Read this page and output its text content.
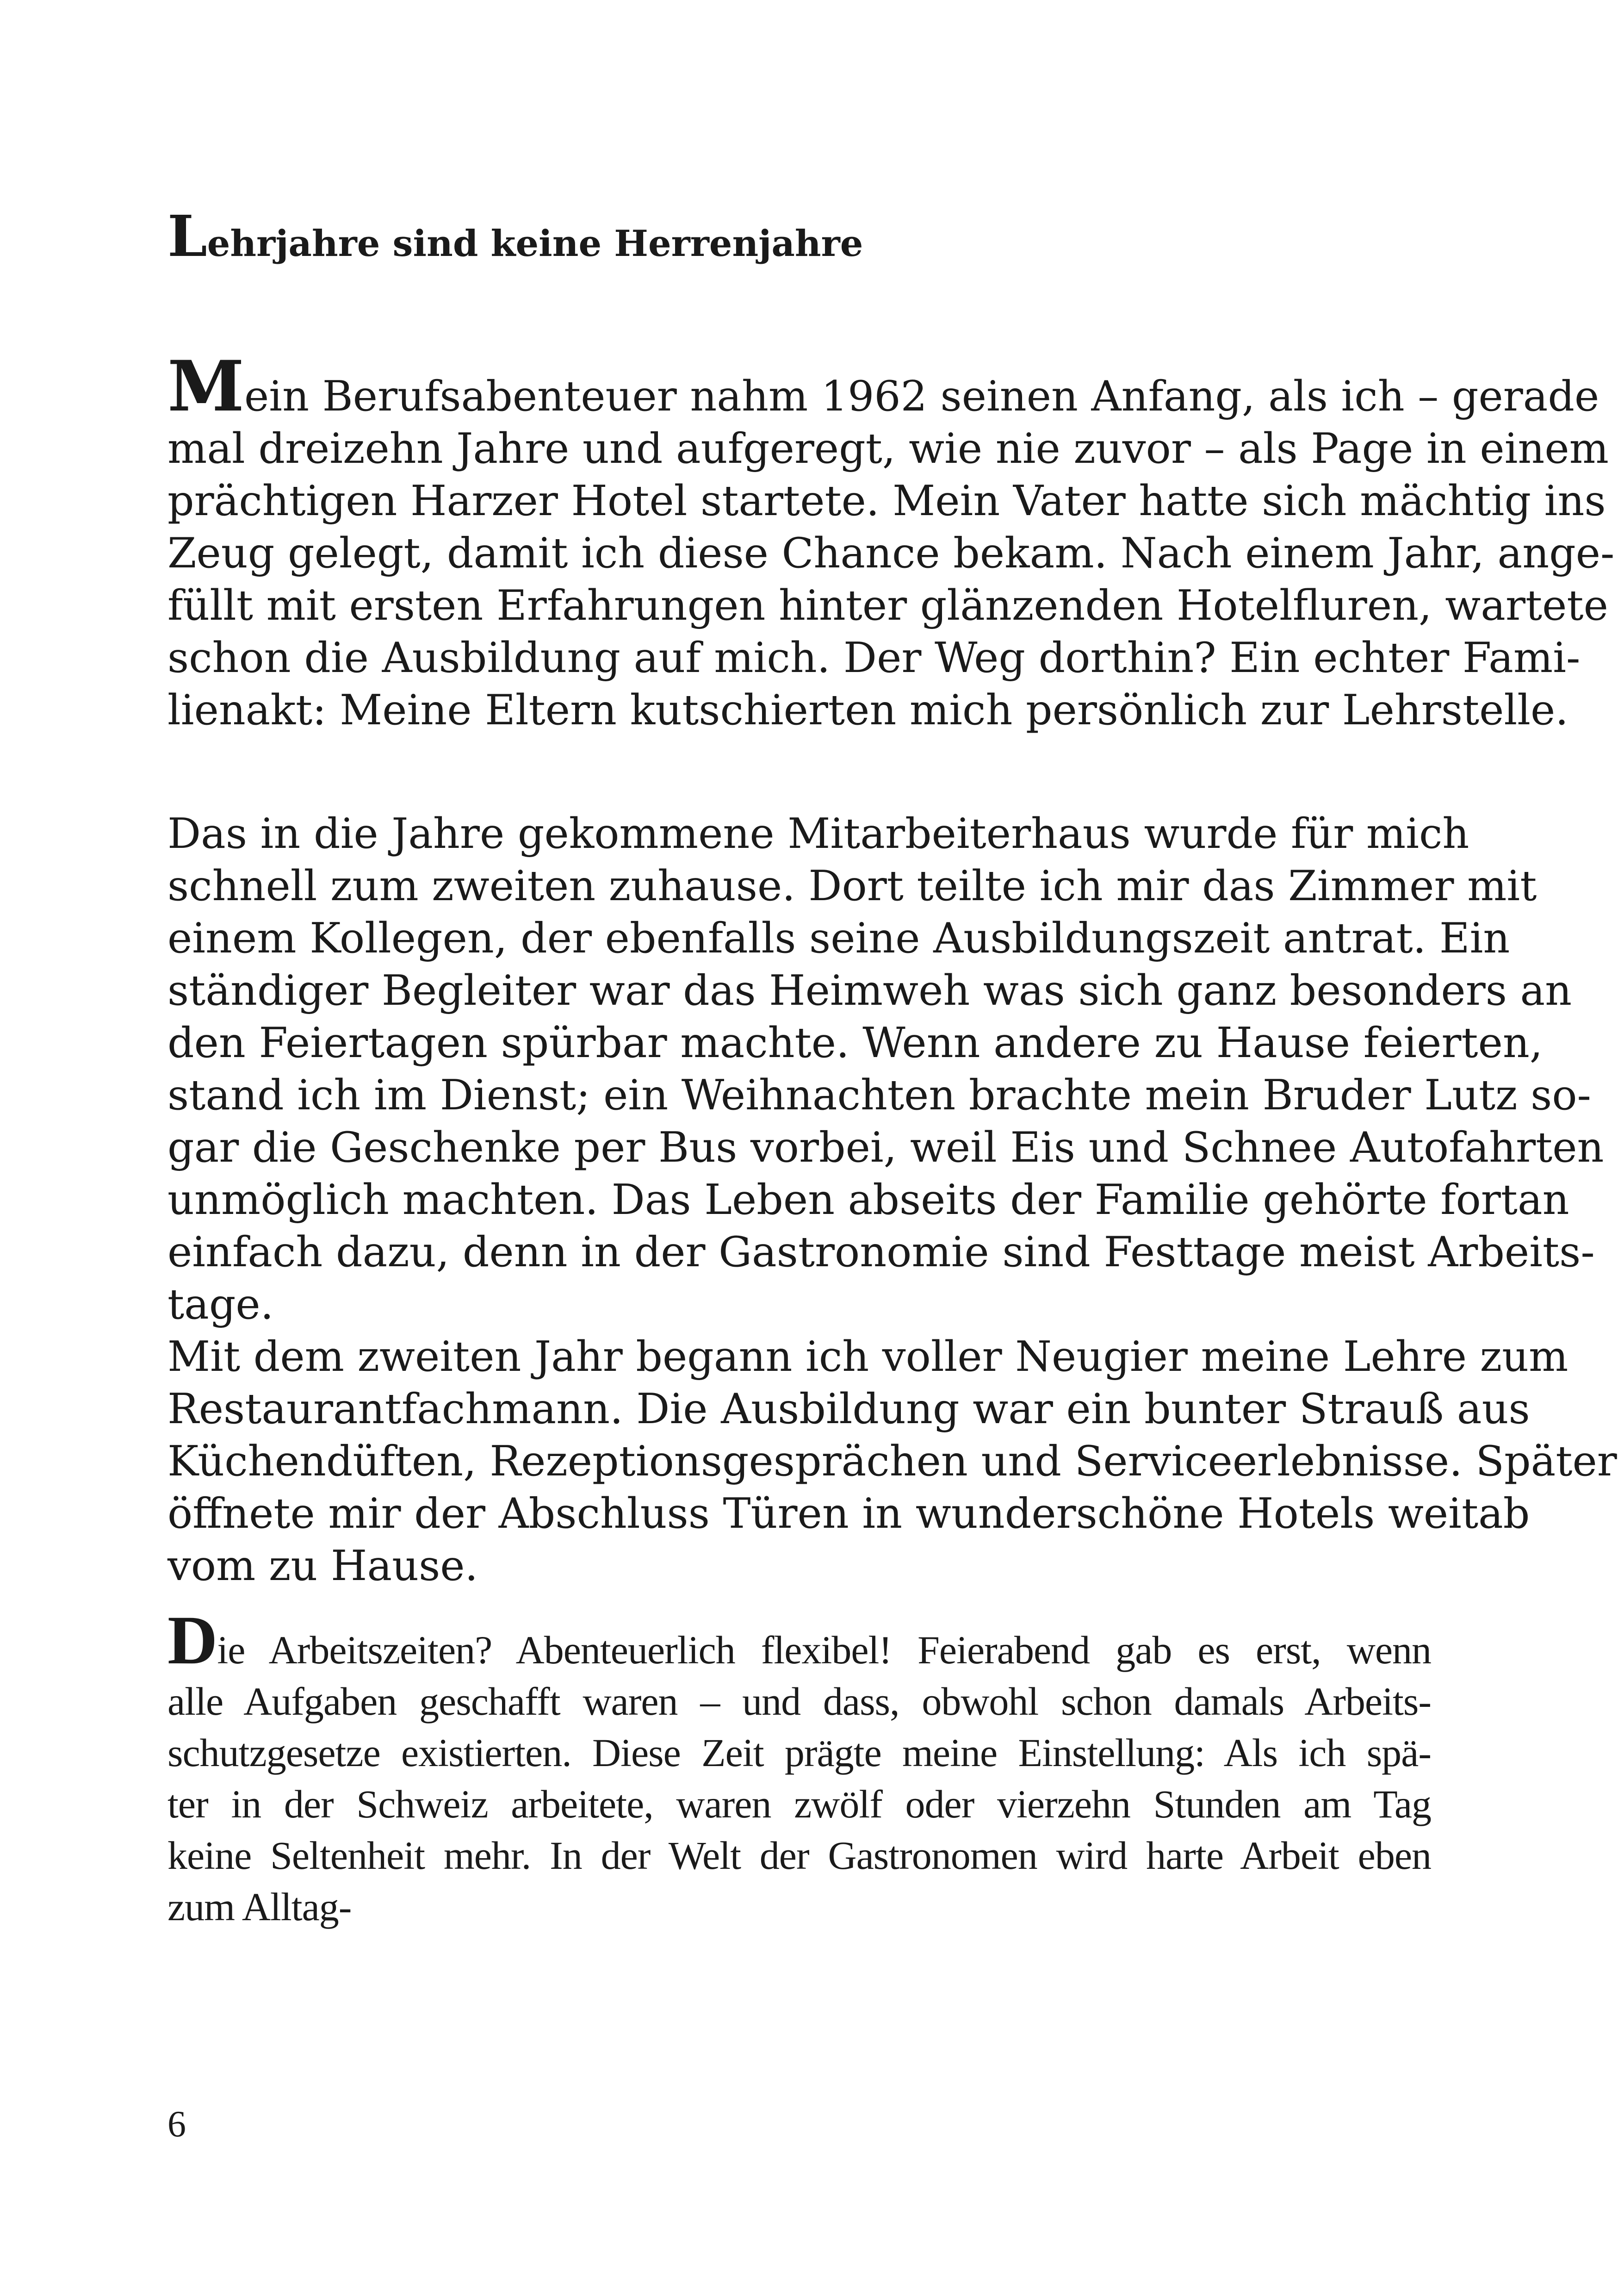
Lehrjahre sind keine Herrenjahre
Mein Berufsabenteuer nahm 1962 seinen Anfang, als ich – gerade
mal dreizehn Jahre und aufgeregt, wie nie zuvor – als Page in einem
prächtigen Harzer Hotel startete. Mein Vater hatte sich mächtig ins
Zeug gelegt, damit ich diese Chance bekam. Nach einem Jahr, ange-
füllt mit ersten Erfahrungen hinter glänzenden Hotelfluren, wartete
schon die Ausbildung auf mich. Der Weg dorthin? Ein echter Fami-
lienakt: Meine Eltern kutschierten mich persönlich zur Lehrstelle.
Das in die Jahre gekommene Mitarbeiterhaus wurde für mich
schnell zum zweiten zuhause. Dort teilte ich mir das Zimmer mit
einem Kollegen, der ebenfalls seine Ausbildungszeit antrat. Ein
ständiger Begleiter war das Heimweh was sich ganz besonders an
den Feiertagen spürbar machte. Wenn andere zu Hause feierten,
stand ich im Dienst; ein Weihnachten brachte mein Bruder Lutz so-
gar die Geschenke per Bus vorbei, weil Eis und Schnee Autofahrten
unmöglich machten. Das Leben abseits der Familie gehörte fortan
einfach dazu, denn in der Gastronomie sind Festtage meist Arbeits-
tage.
Mit dem zweiten Jahr begann ich voller Neugier meine Lehre zum
Restaurantfachmann. Die Ausbildung war ein bunter Strauß aus
Küchendüften, Rezeptionsgesprächen und Serviceerlebnisse. Später
öffnete mir der Abschluss Türen in wunderschöne Hotels weitab
vom zu Hause.
Die Arbeitszeiten? Abenteuerlich flexibel! Feierabend gab es erst, wenn
alle Aufgaben geschafft waren – und dass, obwohl schon damals Arbeits-
schutzgesetze existierten. Diese Zeit prägte meine Einstellung: Als ich spä-
ter in der Schweiz arbeitete, waren zwölf oder vierzehn Stunden am Tag
keine Seltenheit mehr. In der Welt der Gastronomen wird harte Arbeit eben
zum Alltag-
6
